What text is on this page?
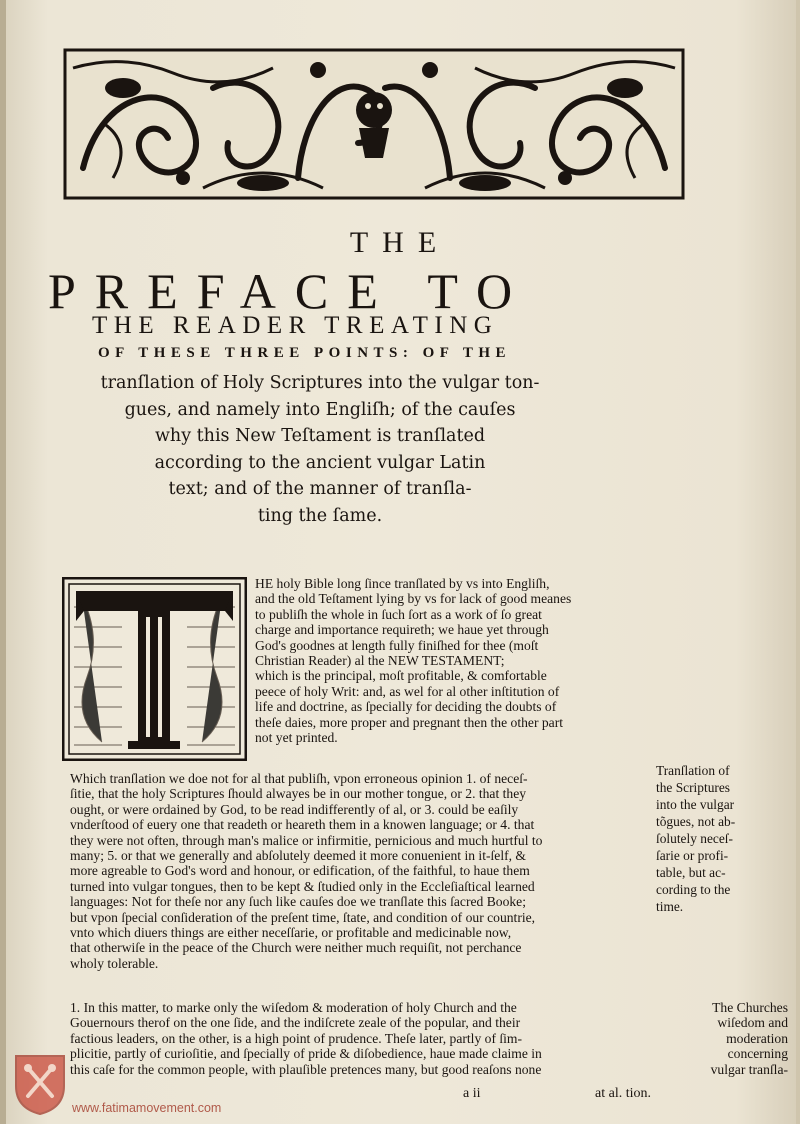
THE
PREFACE TO
THE READER TREATING
OF THESE THREE POINTS: OF THE
tranſlation of Holy Scriptures into the vulgar ton-
gues, and namely into Engliſh; of the cauſes
why this New Teſtament is tranſlated
according to the ancient vulgar Latin
text; and of the manner of tranſla-
ting the ſame.
HE holy Bible long ſince tranſlated by vs into Engliſh,
and the old Teſtament lying by vs for lack of good meanes
to publiſh the whole in ſuch ſort as a work of ſo great
charge and importance requireth; we haue yet through
God's goodnes at length fully finiſhed for thee (moſt
Christian Reader) al the NEW TESTAMENT;
which is the principal, moſt profitable, & comfortable
peece of holy Writ: and, as wel for al other inſtitution of
life and doctrine, as ſpecially for deciding the doubts of
theſe daies, more proper and pregnant then the other part
not yet printed.
Which tranſlation we doe not for al that publiſh, vpon erroneous opinion 1. of neceſ-
ſitie, that the holy Scriptures ſhould alwayes be in our mother tongue, or 2. that they
ought, or were ordained by God, to be read indifferently of al, or 3. could be eaſily
vnderſtood of euery one that readeth or heareth them in a knowen language; or 4. that
they were not often, through man's malice or infirmitie, pernicious and much hurtful to
many; 5. or that we generally and abſolutely deemed it more conuenient in it-ſelf, &
more agreable to God's word and honour, or edification, of the faithful, to haue them
turned into vulgar tongues, then to be kept & ſtudied only in the Eccleſiaſtical learned
languages: Not for theſe nor any ſuch like cauſes doe we tranſlate this ſacred Booke;
but vpon ſpecial conſideration of the preſent time, ſtate, and condition of our countrie,
vnto which diuers things are either neceſſarie, or profitable and medicinable now,
that otherwiſe in the peace of the Church were neither much requiſit, not perchance
wholy tolerable.
Tranſlation of
the Scriptures
into the vulgar
tõgues, not ab-
ſolutely neceſ-
ſarie or profi-
table, but ac-
cording to the
time.
1. In this matter, to marke only the wiſedom & moderation of holy Church and the	The Churches
Gouernours therof on the one ſide, and the indiſcrete zeale of the popular, and their	wiſedom and
factious leaders, on the other, is a high point of prudence. Theſe later, partly of ſim-	moderation
plicitie, partly of curioſitie, and ſpecially of pride & diſobedience, haue made claime in	concerning
this caſe for the common people, with plauſible pretences many, but good reaſons none	vulgar tranſla-
a ii	at al. tion.
www.fatimamovement.com
